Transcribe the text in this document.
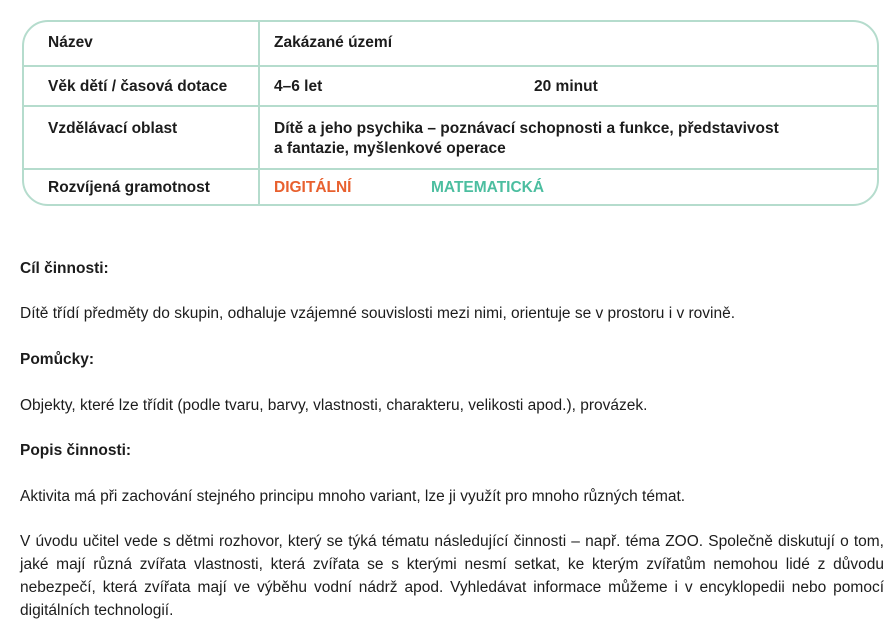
Název	Zakázané území
Věk dětí / časová dotace	4–6 let	20 minut
Vzdělávací oblast	Dítě a jeho psychika – poznávací schopnosti a funkce, představivost
a fantazie, myšlenkové operace
Rozvíjená gramotnost	DIGITÁLNÍ	MATEMATICKÁ

Cíl činnosti:

Dítě třídí předměty do skupin, odhaluje vzájemné souvislosti mezi nimi, orientuje se v prostoru i v rovině.

Pomůcky:

Objekty, které lze třídit (podle tvaru, barvy, vlastnosti, charakteru, velikosti apod.), provázek.

Popis činnosti:

Aktivita má při zachování stejného principu mnoho variant, lze ji využít pro mnoho různých témat.

V úvodu učitel vede s dětmi rozhovor, který se týká tématu následující činnosti – např. téma ZOO. Společně diskutují o tom, jaké mají různá zvířata vlastnosti, která zvířata se s kterými nesmí setkat, ke kterým zvířatům nemohou lidé z důvodu nebezpečí, která zvířata mají ve výběhu vodní nádrž apod. Vyhledávat informace můžeme i v encyklopedii nebo pomocí digitálních technologií.
